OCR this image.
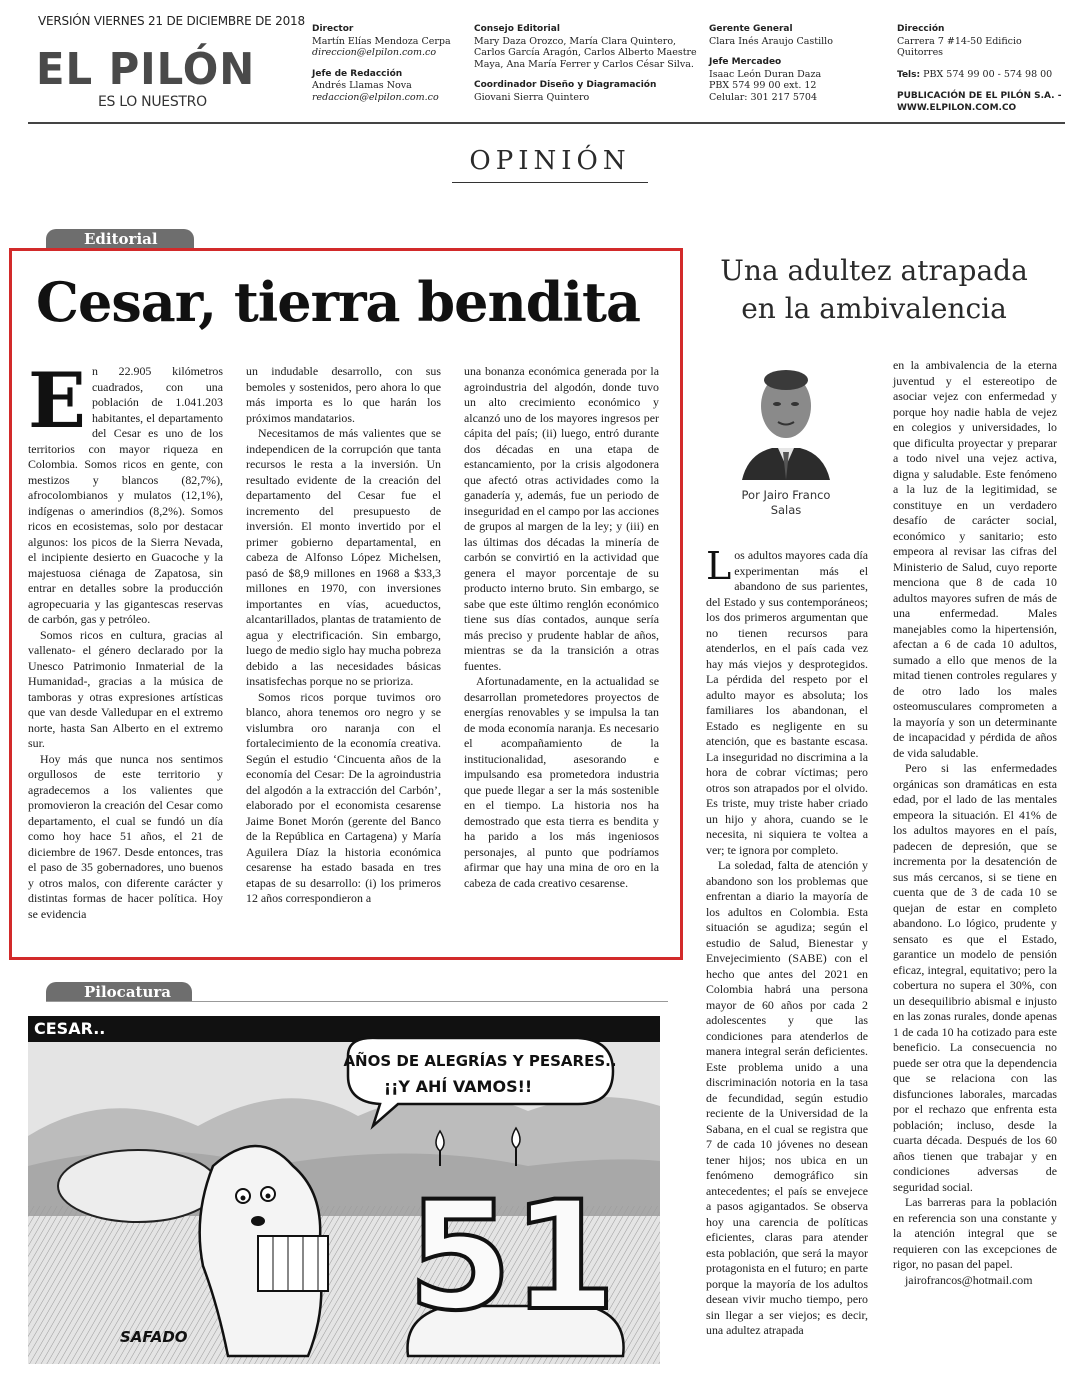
VERSIÓN VIERNES 21 DE DICIEMBRE DE 2018
EL PILÓN
ES LO NUESTRO
Director
Martín Elías Mendoza Cerpa
direccion@elpilon.com.co
Jefe de Redacción
Andrés Llamas Nova
redaccion@elpilon.com.co
Consejo Editorial
Mary Daza Orozco, María Clara Quintero,
Carlos García Aragón, Carlos Alberto Maestre
Maya, Ana María Ferrer y Carlos César Silva.
Coordinador Diseño y Diagramación
Giovani Sierra Quintero
Gerente General
Clara Inés Araujo Castillo
Jefe Mercadeo
Isaac León Duran Daza
PBX 574 99 00 ext. 12
Celular: 301 217 5704
Dirección
Carrera 7 #14-50 Edificio Quitorres
Tels: PBX 574 99 00 - 574 98 00
PUBLICACIÓN DE EL PILÓN S.A. -
WWW.ELPILON.COM.CO
OPINIÓN
Editorial
Cesar, tierra bendita

En 22.905 kilómetros cuadrados, con una población de 1.041.203 habitantes, el departamento del Cesar es uno de los territorios con mayor riqueza en Colombia. Somos ricos en gente, con mestizos y blancos (82,7%), afrocolombianos y mulatos (12,1%), indígenas o amerindios (8,2%). Somos ricos en ecosistemas, solo por destacar algunos: los picos de la Sierra Nevada, el incipiente desierto en Guacoche y la majestuosa ciénaga de Zapatosa, sin entrar en detalles sobre la producción agropecuaria y las gigantescas reservas de carbón, gas y petróleo.

Somos ricos en cultura, gracias al vallenato- el género declarado por la Unesco Patrimonio Inmaterial de la Humanidad-, gracias a la música de tamboras y otras expresiones artísticas que van desde Valledupar en el extremo norte, hasta San Alberto en el extremo sur.

Hoy más que nunca nos sentimos orgullosos de este territorio y agradecemos a los valientes que promovieron la creación del Cesar como departamento, el cual se fundó un día como hoy hace 51 años, el 21 de diciembre de 1967. Desde entonces, tras el paso de 35 gobernadores, uno buenos y otros malos, con diferente carácter y distintas formas de hacer política. Hoy se evidencia

un indudable desarrollo, con sus bemoles y sostenidos, pero ahora lo que más importa es lo que harán los próximos mandatarios.

Necesitamos de más valientes que se independicen de la corrupción que tanta recursos le resta a la inversión. Un resultado evidente de la creación del departamento del Cesar fue el incremento del presupuesto de inversión. El monto invertido por el primer gobierno departamental, en cabeza de Alfonso López Michelsen, pasó de $8,9 millones en 1968 a $33,3 millones en 1970, con inversiones importantes en vías, acueductos, alcantarillados, plantas de tratamiento de agua y electrificación. Sin embargo, luego de medio siglo hay mucha pobreza debido a las necesidades básicas insatisfechas porque no se prioriza.

Somos ricos porque tuvimos oro blanco, ahora tenemos oro negro y se vislumbra oro naranja con el fortalecimiento de la economía creativa. Según el estudio ‘Cincuenta años de la economía del Cesar: De la agroindustria del algodón a la extracción del Carbón’, elaborado por el economista cesarense Jaime Bonet Morón (gerente del Banco de la República en Cartagena) y María Aguilera Díaz la historia económica cesarense ha estado basada en tres etapas de su desarrollo: (i) los primeros 12 años correspondieron a

una bonanza económica generada por la agroindustria del algodón, donde tuvo un alto crecimiento económico y alcanzó uno de los mayores ingresos per cápita del país; (ii) luego, entró durante dos décadas en una etapa de estancamiento, por la crisis algodonera que afectó otras actividades como la ganadería y, además, fue un periodo de inseguridad en el campo por las acciones de grupos al margen de la ley; y (iii) en las últimas dos décadas la minería de carbón se convirtió en la actividad que genera el mayor porcentaje de su producto interno bruto. Sin embargo, se sabe que este último renglón económico tiene sus días contados, aunque sería más preciso y prudente hablar de años, mientras se da la transición a otras fuentes.

Afortunadamente, en la actualidad se desarrollan prometedores proyectos de energías renovables y se impulsa la tan de moda economía naranja. Es necesario el acompañamiento de la institucionalidad, asesorando e impulsando esa prometedora industria que puede llegar a ser la más sostenible en el tiempo. La historia nos ha demostrado que esta tierra es bendita y ha parido a los más ingeniosos personajes, al punto que podríamos afirmar que hay una mina de oro en la cabeza de cada creativo cesarense.

Pilocatura
51
AÑOS DE ALEGRÍAS Y PESARES..
¡¡Y AHÍ VAMOS!!
CESAR..
SAFADO
Una adultez atrapada
en la ambivalencia
Por Jairo Franco
Salas

Los adultos mayores cada día experimentan más el abandono de sus parientes, del Estado y sus contemporáneos; los dos primeros argumentan que no tienen recursos para atenderlos, en el país cada vez hay más viejos y desprotegidos. La pérdida del respeto por el adulto mayor es absoluta; los familiares los abandonan, el Estado es negligente en su atención, que es bastante escasa. La inseguridad no discrimina a la hora de cobrar víctimas; pero otros son atrapados por el olvido. Es triste, muy triste haber criado un hijo y ahora, cuando se le necesita, ni siquiera te voltea a ver; te ignora por completo.

La soledad, falta de atención y abandono son los problemas que enfrentan a diario la mayoría de los adultos en Colombia. Esta situación se agudiza; según el estudio de Salud, Bienestar y Envejecimiento (SABE) con el hecho que antes del 2021 en Colombia habrá una persona mayor de 60 años por cada 2 adolescentes y que las condiciones para atenderlos de manera integral serán deficientes. Este problema unido a una discriminación notoria en la tasa de fecundidad, según estudio reciente de la Universidad de la Sabana, en el cual se registra que 7 de cada 10 jóvenes no desean tener hijos; nos ubica en un fenómeno demográfico sin antecedentes; el país se envejece a pasos agigantados. Se observa hoy una carencia de políticas eficientes, claras para atender esta población, que será la mayor protagonista en el futuro; en parte porque la mayoría de los adultos desean vivir mucho tiempo, pero sin llegar a ser viejos; es decir, una adultez atrapada

en la ambivalencia de la eterna juventud y el estereotipo de asociar vejez con enfermedad y porque hoy nadie habla de vejez en colegios y universidades, lo que dificulta proyectar y preparar a todo nivel una vejez activa, digna y saludable. Este fenómeno a la luz de la legitimidad, se constituye en un verdadero desafío de carácter social, económico y sanitario; esto empeora al revisar las cifras del Ministerio de Salud, cuyo reporte menciona que 8 de cada 10 adultos mayores sufren de más de una enfermedad. Males manejables como la hipertensión, afectan a 6 de cada 10 adultos, sumado a ello que menos de la mitad tienen controles regulares y de otro lado los males osteomusculares comprometen a la mayoría y son un determinante de incapacidad y pérdida de años de vida saludable.

Pero si las enfermedades orgánicas son dramáticas en esta edad, por el lado de las mentales empeora la situación. El 41% de los adultos mayores en el país, padecen de depresión, que se incrementa por la desatención de sus más cercanos, si se tiene en cuenta que de 3 de cada 10 se quejan de estar en completo abandono. Lo lógico, prudente y sensato es que el Estado, garantice un modelo de pensión eficaz, integral, equitativo; pero la cobertura no supera el 30%, con un desequilibrio abismal e injusto en las zonas rurales, donde apenas 1 de cada 10 ha cotizado para este beneficio. La consecuencia no puede ser otra que la dependencia que se relaciona con las disfunciones laborales, marcadas por el rechazo que enfrenta esta población; incluso, desde la cuarta década. Después de los 60 años tienen que trabajar y en condiciones adversas de seguridad social.

Las barreras para la población en referencia son una constante y la atención integral que se requieren con las excepciones de rigor, no pasan del papel.

jairofrancos@hotmail.com
